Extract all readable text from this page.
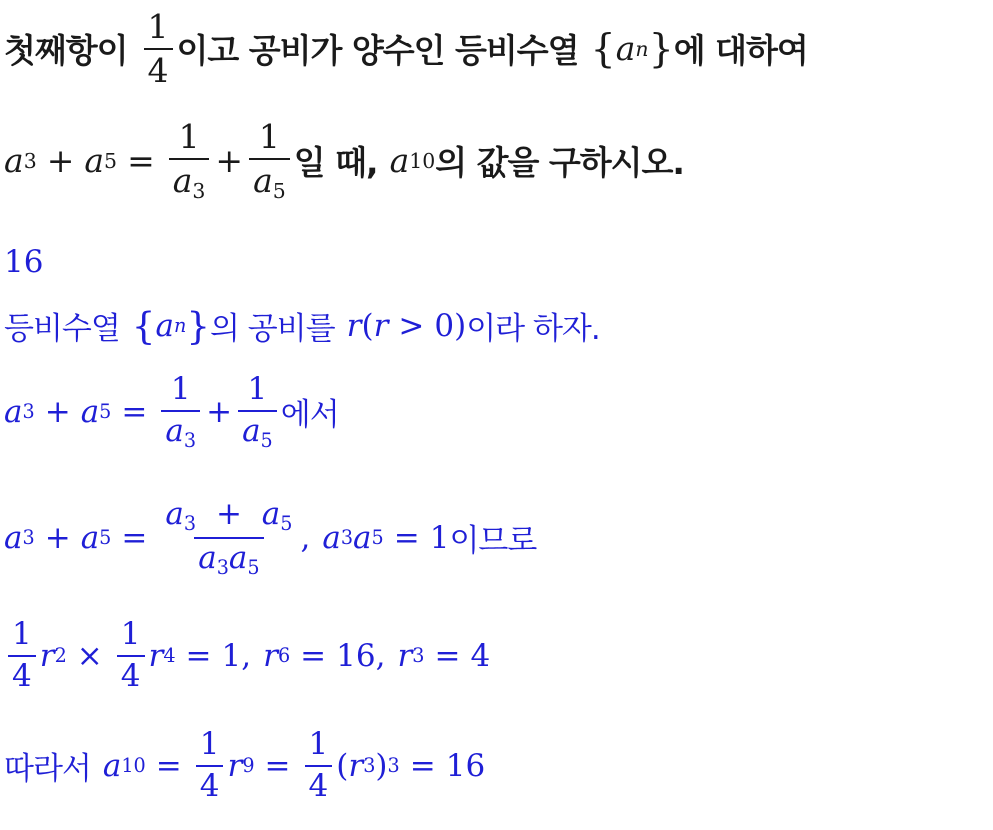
첫째항이 $\frac{1}{4}$ 이고 공비가 양수인 등비수열 { a n } 에 대하여
a 3 + a $5 = \frac{1}{a_3} + \frac{1}{a_5}$ 일 때, a 10 의 값을 구하시오.
16
등비수열 { a n } 의 공비를 r ( r > 0 ) 이라 하자.
a 3 + a $5 = \frac{1}{a_3} + \frac{1}{a_5}$ 에서
a 3 + a $5 = \frac{a_3 + a_5}{a_3a_5}$ , a 3 a 5 = 1 이므로
$\frac{1}{4}$ r $2 \times \frac{1}{4}$ r 4 = 1 , r 6 = 16 , r 3 = 4
따라서 a $10 = \frac{1}{4}$ r $9 = \frac{1}{4}$ ( r 3 ) 3 = 16
